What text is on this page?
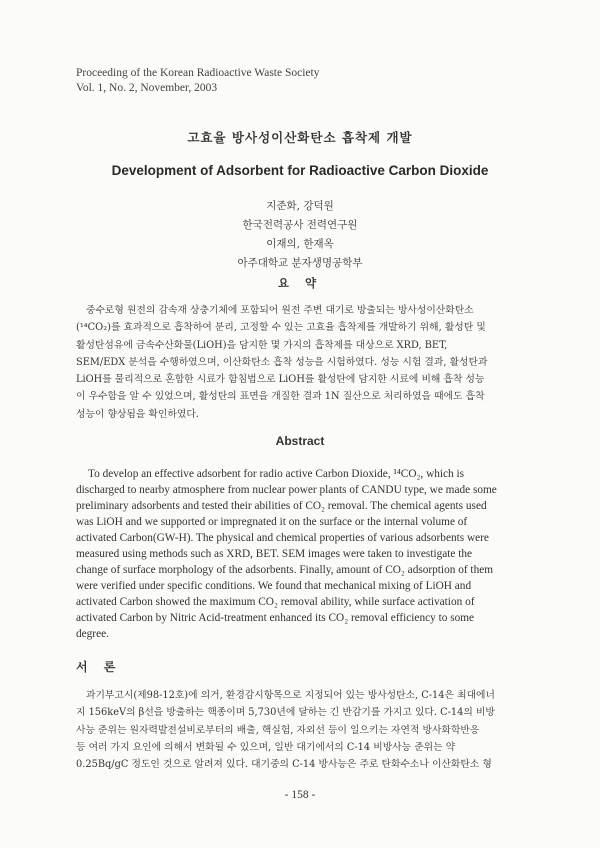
Proceeding of the Korean Radioactive Waste Society
Vol. 1, No. 2, November, 2003
고효율 방사성이산화탄소 흡착제 개발
Development of Adsorbent for Radioactive Carbon Dioxide
지준화, 강덕원
한국전력공사 전력연구원
이재의, 한재옥
아주대학교 분자생명공학부
요 약
중수로형 원전의 감속재 상충기체에 포함되어 원전 주변 대기로 방출되는 방사성이산화탄소
(¹⁴CO₂)를 효과적으로 흡착하여 분리, 고정할 수 있는 고효율 흡착제를 개발하기 위해, 활성탄 및
활성탄섬유에 금속수산화물(LiOH)을 담지한 몇 가지의 흡착제를 대상으로 XRD, BET,
SEM/EDX 분석을 수행하였으며, 이산화탄소 흡착 성능을 시험하였다. 성능 시험 결과, 활성탄과
LiOH를 물리적으로 혼합한 시료가 함침법으로 LiOH를 활성탄에 담지한 시료에 비해 흡착 성능
이 우수함을 알 수 있었으며, 활성탄의 표면을 개질한 결과 1N 질산으로 처리하였을 때에도 흡착
성능이 향상됨을 확인하였다.
Abstract
To develop an effective adsorbent for radio active Carbon Dioxide, ¹⁴CO₂, which is
discharged to nearby atmosphere from nuclear power plants of CANDU type, we made some
preliminary adsorbents and tested their abilities of CO₂ removal. The chemical agents used
was LiOH and we supported or impregnated it on the surface or the internal volume of
activated Carbon(GW-H). The physical and chemical properties of various adsorbents were
measured using methods such as XRD, BET. SEM images were taken to investigate the
change of surface morphology of the adsorbents. Finally, amount of CO₂ adsorption of them
were verified under specific conditions. We found that mechanical mixing of LiOH and
activated Carbon showed the maximum CO₂ removal ability, while surface activation of
activated Carbon by Nitric Acid-treatment enhanced its CO₂ removal efficiency to some
degree.
서 론
과기부고시(제98-12호)에 의거, 환경감시항목으로 지정되어 있는 방사성탄소, C-14은 최대에너
지 156keV의 β선을 방출하는 핵종이며 5,730년에 달하는 긴 반감기를 가지고 있다. C-14의 비방
사능 준위는 원자력발전설비로부터의 배출, 핵실험, 자외선 등이 일으키는 자연적 방사화학반응
등 여러 가지 요인에 의해서 변화될 수 있으며, 일반 대기에서의 C-14 비방사능 준위는 약
0.25Bq/gC 정도인 것으로 알려져 있다. 대기중의 C-14 방사능은 주로 탄화수소나 이산화탄소 형
- 158 -
